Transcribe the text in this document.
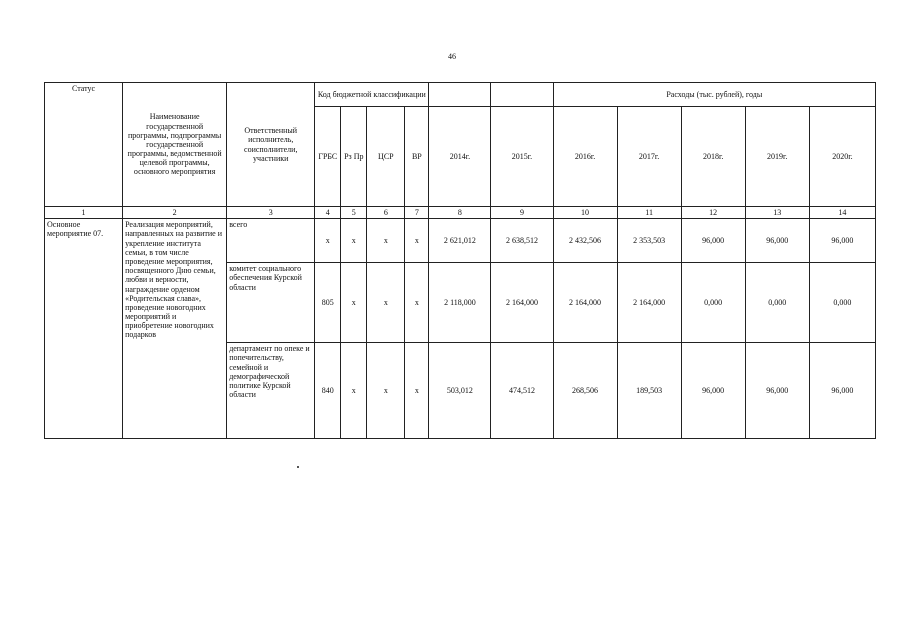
46
Статус	Наименование государственной программы, подпрограммы государственной программы, ведомственной целевой программы, основного мероприятия	Ответственный исполнитель, соисполнители, участники	Код бюджетной классификации						Расходы (тыс. рублей), годы				
			ГРБС	Рз Пр	ЦСР	ВР	2014г.	2015г.	2016г.	2017г.	2018г.	2019г.	2020г.
1	2	3	4	5	6	7	8	9	10	11	12	13	14
Основное мероприятие 07.	Реализация мероприятий, направленных на развитие и укрепление института семьи, в том числе проведение мероприятия, посвященного Дню семьи, любви и верности, награждение орденом «Родительская слава», проведение новогодних мероприятий и приобретение новогодних подарков	всего	х	х	х	х	2 621,012	2 638,512	2 432,506	2 353,503	96,000	96,000	96,000
		комитет социального обеспечения Курской области	805	х	х	х	2 118,000	2 164,000	2 164,000	2 164,000	0,000	0,000	0,000
		департамент по опеке и попечительству, семейной и демографической политике Курской области	840	х	х	х	503,012	474,512	268,506	189,503	96,000	96,000	96,000
